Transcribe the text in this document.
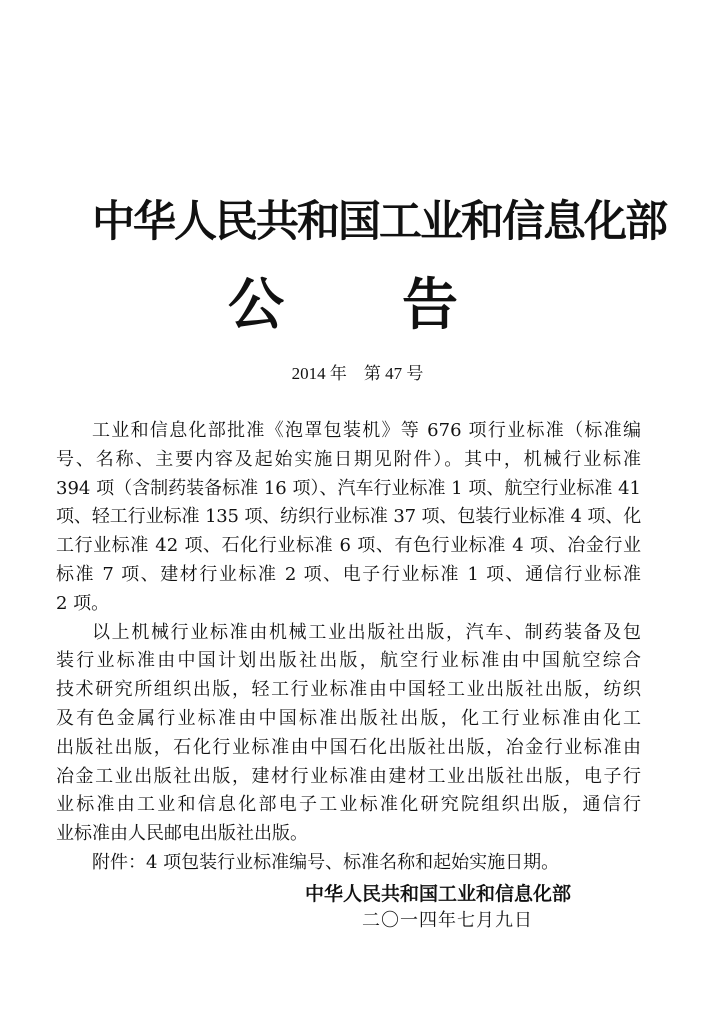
中华人民共和国工业和信息化部
公 告
2014 年　第 47 号
工业和信息化部批准《泡罩包装机》等 676 项行业标准（标准编
号、名称、主要内容及起始实施日期见附件）。其中，机械行业标准
394 项（含制药装备标准 16 项）、汽车行业标准 1 项、航空行业标准 41
项、轻工行业标准 135 项、纺织行业标准 37 项、包装行业标准 4 项、化
工行业标准 42 项、石化行业标准 6 项、有色行业标准 4 项、冶金行业
标准 7 项、建材行业标准 2 项、电子行业标准 1 项、通信行业标准
2 项。
以上机械行业标准由机械工业出版社出版，汽车、制药装备及包
装行业标准由中国计划出版社出版，航空行业标准由中国航空综合
技术研究所组织出版，轻工行业标准由中国轻工业出版社出版，纺织
及有色金属行业标准由中国标准出版社出版，化工行业标准由化工
出版社出版，石化行业标准由中国石化出版社出版，冶金行业标准由
冶金工业出版社出版，建材行业标准由建材工业出版社出版，电子行
业标准由工业和信息化部电子工业标准化研究院组织出版，通信行
业标准由人民邮电出版社出版。
附件：4 项包装行业标准编号、标准名称和起始实施日期。
中华人民共和国工业和信息化部
二〇一四年七月九日
